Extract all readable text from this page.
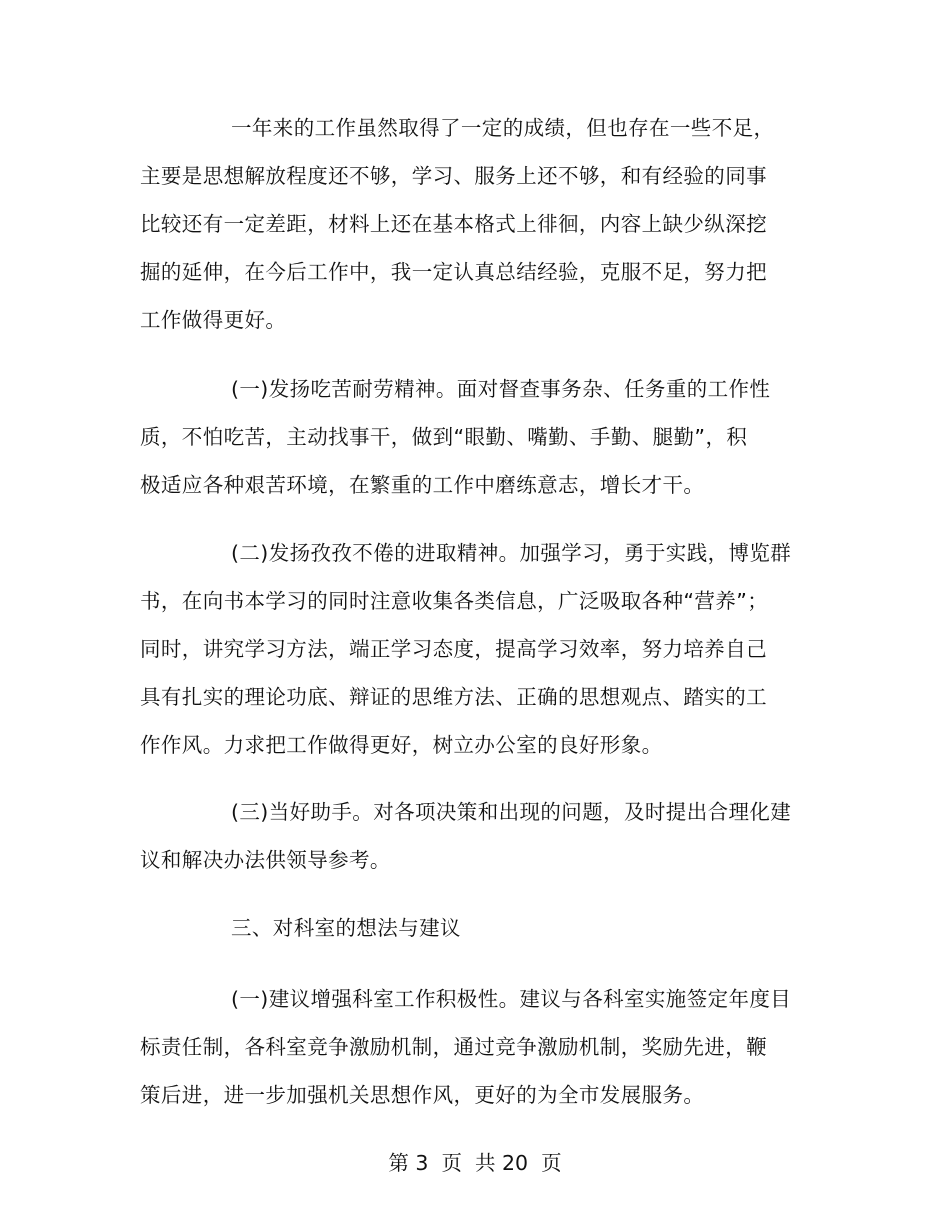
一年来的工作虽然取得了一定的成绩，但也存在一些不足，
主要是思想解放程度还不够，学习、服务上还不够，和有经验的同事
比较还有一定差距，材料上还在基本格式上徘徊，内容上缺少纵深挖
掘的延伸，在今后工作中，我一定认真总结经验，克服不足，努力把
工作做得更好。
(一)发扬吃苦耐劳精神。面对督查事务杂、任务重的工作性
质，不怕吃苦，主动找事干，做到“眼勤、嘴勤、手勤、腿勤”，积
极适应各种艰苦环境，在繁重的工作中磨练意志，增长才干。
(二)发扬孜孜不倦的进取精神。加强学习，勇于实践，博览群
书，在向书本学习的同时注意收集各类信息，广泛吸取各种“营养”；
同时，讲究学习方法，端正学习态度，提高学习效率，努力培养自己
具有扎实的理论功底、辩证的思维方法、正确的思想观点、踏实的工
作作风。力求把工作做得更好，树立办公室的良好形象。
(三)当好助手。对各项决策和出现的问题，及时提出合理化建
议和解决办法供领导参考。
三、对科室的想法与建议
(一)建议增强科室工作积极性。建议与各科室实施签定年度目
标责任制，各科室竞争激励机制，通过竞争激励机制，奖励先进，鞭
策后进，进一步加强机关思想作风，更好的为全市发展服务。
第 3  页  共 20  页
